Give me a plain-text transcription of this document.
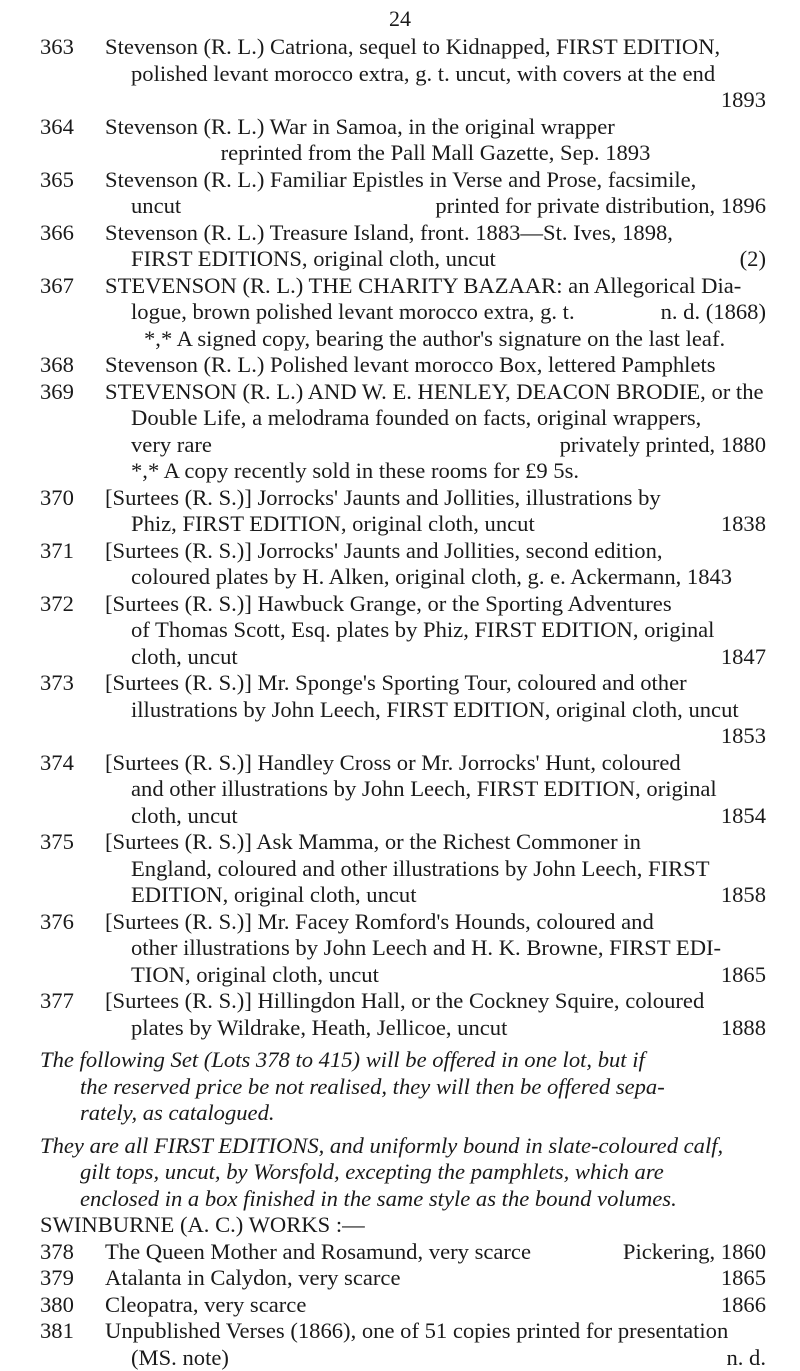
24
363 Stevenson (R. L.) Catriona, sequel to Kidnapped, FIRST EDITION,
polished levant morocco extra, g. t. uncut, with covers at the end
1893
364 Stevenson (R. L.) War in Samoa, in the original wrapper
reprinted from the Pall Mall Gazette, Sep. 1893
365 Stevenson (R. L.) Familiar Epistles in Verse and Prose, facsimile,
uncut	printed for private distribution, 1896
366 Stevenson (R. L.) Treasure Island, front. 1883—St. Ives, 1898,
FIRST EDITIONS, original cloth, uncut	(2)
367 STEVENSON (R. L.) THE CHARITY BAZAAR: an Allegorical Dia-
logue, brown polished levant morocco extra, g. t.	n. d. (1868)
*,* A signed copy, bearing the author's signature on the last leaf.
368 Stevenson (R. L.) Polished levant morocco Box, lettered Pamphlets
369 STEVENSON (R. L.) AND W. E. HENLEY, DEACON BRODIE, or the
Double Life, a melodrama founded on facts, original wrappers,
very rare	privately printed, 1880
*,* A copy recently sold in these rooms for £9 5s.
370 [Surtees (R. S.)] Jorrocks' Jaunts and Jollities, illustrations by
Phiz, FIRST EDITION, original cloth, uncut	1838
371 [Surtees (R. S.)] Jorrocks' Jaunts and Jollities, second edition,
coloured plates by H. Alken, original cloth, g. e. Ackermann, 1843
372 [Surtees (R. S.)] Hawbuck Grange, or the Sporting Adventures
of Thomas Scott, Esq. plates by Phiz, FIRST EDITION, original
cloth, uncut	1847
373 [Surtees (R. S.)] Mr. Sponge's Sporting Tour, coloured and other
illustrations by John Leech, FIRST EDITION, original cloth, uncut
1853
374 [Surtees (R. S.)] Handley Cross or Mr. Jorrocks' Hunt, coloured
and other illustrations by John Leech, FIRST EDITION, original
cloth, uncut	1854
375 [Surtees (R. S.)] Ask Mamma, or the Richest Commoner in
England, coloured and other illustrations by John Leech, FIRST
EDITION, original cloth, uncut	1858
376 [Surtees (R. S.)] Mr. Facey Romford's Hounds, coloured and
other illustrations by John Leech and H. K. Browne, FIRST EDI-
TION, original cloth, uncut	1865
377 [Surtees (R. S.)] Hillingdon Hall, or the Cockney Squire, coloured
plates by Wildrake, Heath, Jellicoe, uncut	1888
The following Set (Lots 378 to 415) will be offered in one lot, but if
the reserved price be not realised, they will then be offered sepa-
rately, as catalogued.
They are all FIRST EDITIONS, and uniformly bound in slate-coloured calf,
gilt tops, uncut, by Worsfold, excepting the pamphlets, which are
enclosed in a box finished in the same style as the bound volumes.
SWINBURNE (A. C.) WORKS :—
378 The Queen Mother and Rosamund, very scarce	Pickering, 1860
379 Atalanta in Calydon, very scarce	1865
380 Cleopatra, very scarce	1866
381 Unpublished Verses (1866), one of 51 copies printed for presentation
(MS. note)	n. d.
